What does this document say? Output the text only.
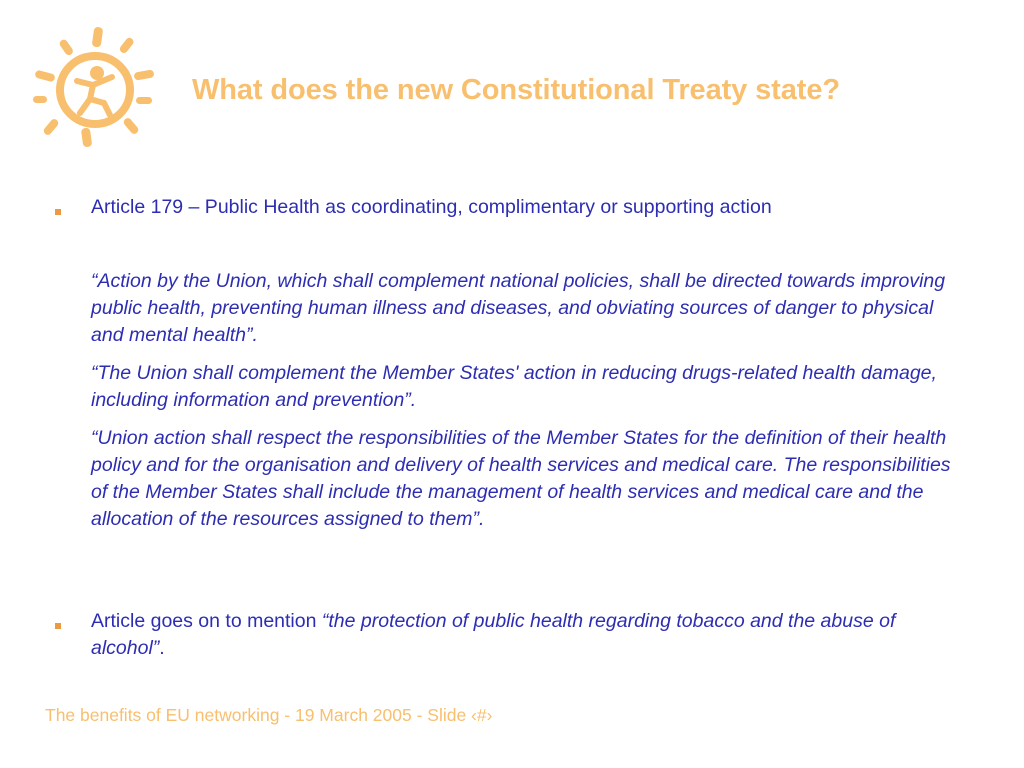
What does the new Constitutional Treaty state?
Article 179 – Public Health as coordinating, complimentary or supporting action
“Action by the Union, which shall complement national policies, shall be directed towards improving public health, preventing human illness and diseases, and obviating sources of danger to physical and mental health”.
“The Union shall complement the Member States' action in reducing drugs-related health damage, including information and prevention”.
“Union action shall respect the responsibilities of the Member States for the definition of their health policy and for the organisation and delivery of health services and medical care. The responsibilities of the Member States shall include the management of health services and medical care and the allocation of the resources assigned to them”.
Article goes on to mention “the protection of public health regarding tobacco and the abuse of alcohol”.
The benefits of EU networking - 19 March 2005 - Slide ‹#›
